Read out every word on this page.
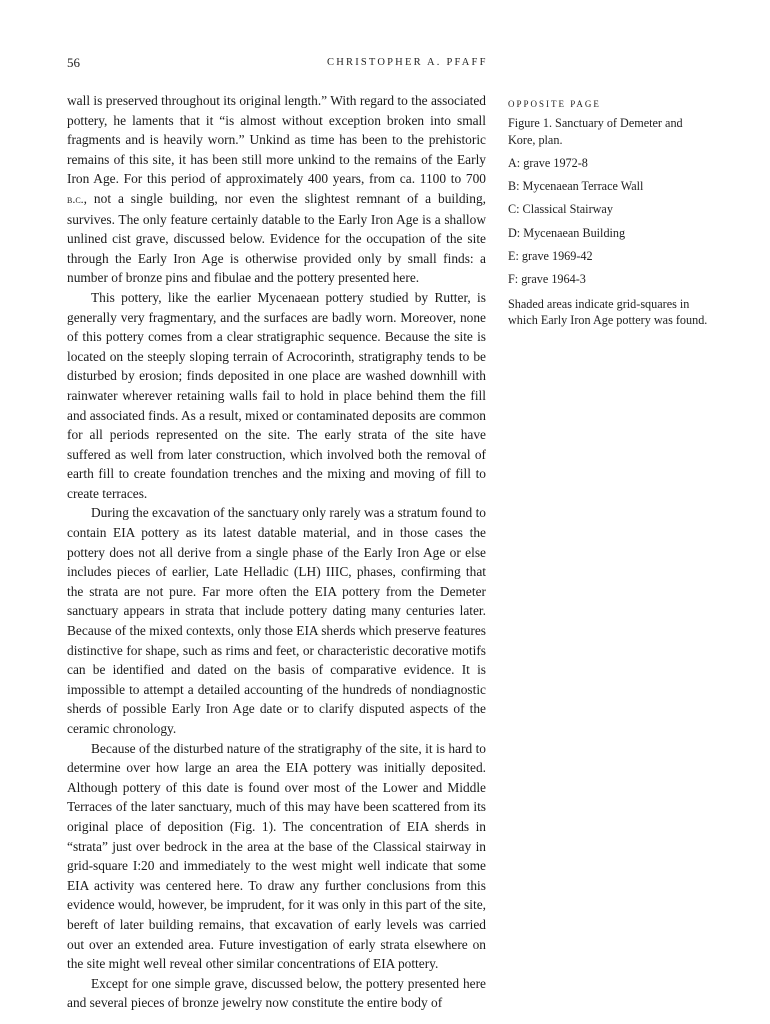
56	CHRISTOPHER A. PFAFF

wall is preserved throughout its original length.” With regard to the associated pottery, he laments that it “is almost without exception broken into small fragments and is heavily worn.” Unkind as time has been to the prehistoric remains of this site, it has been still more unkind to the remains of the Early Iron Age. For this period of approximately 400 years, from ca. 1100 to 700 b.c., not a single building, nor even the slightest remnant of a building, survives. The only feature certainly datable to the Early Iron Age is a shallow unlined cist grave, discussed below. Evidence for the occupation of the site through the Early Iron Age is otherwise provided only by small finds: a number of bronze pins and fibulae and the pottery presented here.

This pottery, like the earlier Mycenaean pottery studied by Rutter, is generally very fragmentary, and the surfaces are badly worn. Moreover, none of this pottery comes from a clear stratigraphic sequence. Because the site is located on the steeply sloping terrain of Acrocorinth, stratigraphy tends to be disturbed by erosion; finds deposited in one place are washed downhill with rainwater wherever retaining walls fail to hold in place behind them the fill and associated finds. As a result, mixed or contaminated deposits are common for all periods represented on the site. The early strata of the site have suffered as well from later construction, which involved both the removal of earth fill to create foundation trenches and the mixing and moving of fill to create terraces.

During the excavation of the sanctuary only rarely was a stratum found to contain EIA pottery as its latest datable material, and in those cases the pottery does not all derive from a single phase of the Early Iron Age or else includes pieces of earlier, Late Helladic (LH) IIIC, phases, confirming that the strata are not pure. Far more often the EIA pottery from the Demeter sanctuary appears in strata that include pottery dating many centuries later. Because of the mixed contexts, only those EIA sherds which preserve features distinctive for shape, such as rims and feet, or characteristic decorative motifs can be identified and dated on the basis of comparative evidence. It is impossible to attempt a detailed accounting of the hundreds of nondiagnostic sherds of possible Early Iron Age date or to clarify disputed aspects of the ceramic chronology.

Because of the disturbed nature of the stratigraphy of the site, it is hard to determine over how large an area the EIA pottery was initially deposited. Although pottery of this date is found over most of the Lower and Middle Terraces of the later sanctuary, much of this may have been scattered from its original place of deposition (Fig. 1). The concentration of EIA sherds in “strata” just over bedrock in the area at the base of the Classical stairway in grid-square I:20 and immediately to the west might well indicate that some EIA activity was centered here. To draw any further conclusions from this evidence would, however, be imprudent, for it was only in this part of the site, bereft of later building remains, that excavation of early levels was carried out over an extended area. Future investigation of early strata elsewhere on the site might well reveal other similar concentrations of EIA pottery.

Except for one simple grave, discussed below, the pottery presented here and several pieces of bronze jewelry now constitute the entire body of

OPPOSITE PAGE

Figure 1. Sanctuary of Demeter and Kore, plan.

A: grave 1972-8

B: Mycenaean Terrace Wall

C: Classical Stairway

D: Mycenaean Building

E: grave 1969-42

F: grave 1964-3

Shaded areas indicate grid-squares in which Early Iron Age pottery was found.
